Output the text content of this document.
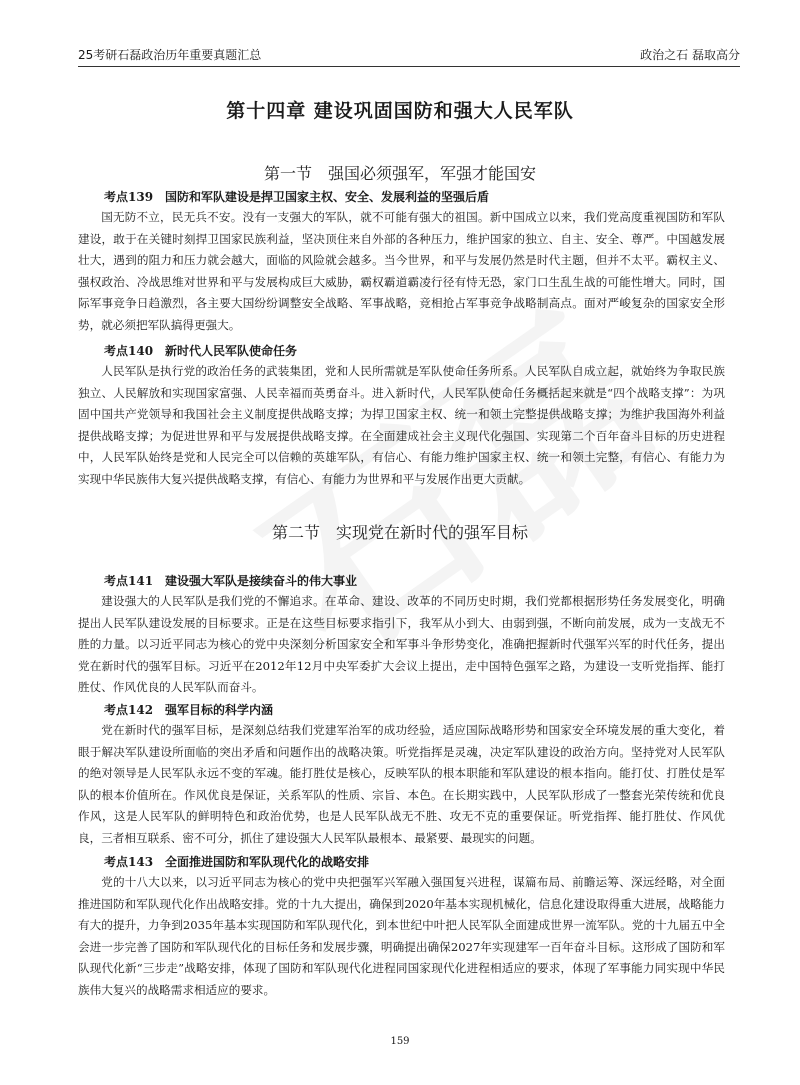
25考研石磊政治历年重要真题汇总	政治之石 磊取高分
第十四章 建设巩固国防和强大人民军队
第一节　强国必须强军，军强才能国安
考点139　国防和军队建设是捍卫国家主权、安全、发展利益的坚强后盾

国无防不立，民无兵不安。没有一支强大的军队，就不可能有强大的祖国。新中国成立以来，我们党高度重视国防和军队建设，敢于在关键时刻捍卫国家民族利益，坚决顶住来自外部的各种压力，维护国家的独立、自主、安全、尊严。中国越发展壮大，遇到的阻力和压力就会越大，面临的风险就会越多。当今世界，和平与发展仍然是时代主题，但并不太平。霸权主义、强权政治、冷战思维对世界和平与发展构成巨大威胁，霸权霸道霸凌行径有恃无恐，家门口生乱生战的可能性增大。同时，国际军事竞争日趋激烈，各主要大国纷纷调整安全战略、军事战略，竞相抢占军事竞争战略制高点。面对严峻复杂的国家安全形势，就必须把军队搞得更强大。

考点140　新时代人民军队使命任务

人民军队是执行党的政治任务的武装集团，党和人民所需就是军队使命任务所系。人民军队自成立起，就始终为争取民族独立、人民解放和实现国家富强、人民幸福而英勇奋斗。进入新时代，人民军队使命任务概括起来就是“四个战略支撑”：为巩固中国共产党领导和我国社会主义制度提供战略支撑；为捍卫国家主权、统一和领土完整提供战略支撑；为维护我国海外利益提供战略支撑；为促进世界和平与发展提供战略支撑。在全面建成社会主义现代化强国、实现第二个百年奋斗目标的历史进程中，人民军队始终是党和人民完全可以信赖的英雄军队，有信心、有能力维护国家主权、统一和领土完整，有信心、有能力为实现中华民族伟大复兴提供战略支撑，有信心、有能力为世界和平与发展作出更大贡献。

第二节　实现党在新时代的强军目标
考点141　建设强大军队是接续奋斗的伟大事业

建设强大的人民军队是我们党的不懈追求。在革命、建设、改革的不同历史时期，我们党都根据形势任务发展变化，明确提出人民军队建设发展的目标要求。正是在这些目标要求指引下，我军从小到大、由弱到强，不断向前发展，成为一支战无不胜的力量。以习近平同志为核心的党中央深刻分析国家安全和军事斗争形势变化，准确把握新时代强军兴军的时代任务，提出党在新时代的强军目标。习近平在2012年12月中央军委扩大会议上提出，走中国特色强军之路，为建设一支听党指挥、能打胜仗、作风优良的人民军队而奋斗。

考点142　强军目标的科学内涵

党在新时代的强军目标，是深刻总结我们党建军治军的成功经验，适应国际战略形势和国家安全环境发展的重大变化，着眼于解决军队建设所面临的突出矛盾和问题作出的战略决策。听党指挥是灵魂，决定军队建设的政治方向。坚持党对人民军队的绝对领导是人民军队永远不变的军魂。能打胜仗是核心，反映军队的根本职能和军队建设的根本指向。能打仗、打胜仗是军队的根本价值所在。作风优良是保证，关系军队的性质、宗旨、本色。在长期实践中，人民军队形成了一整套光荣传统和优良作风，这是人民军队的鲜明特色和政治优势，也是人民军队战无不胜、攻无不克的重要保证。听党指挥、能打胜仗、作风优良，三者相互联系、密不可分，抓住了建设强大人民军队最根本、最紧要、最现实的问题。

考点143　全面推进国防和军队现代化的战略安排

党的十八大以来，以习近平同志为核心的党中央把强军兴军融入强国复兴进程，谋篇布局、前瞻运筹、深远经略，对全面推进国防和军队现代化作出战略安排。党的十九大提出，确保到2020年基本实现机械化，信息化建设取得重大进展，战略能力有大的提升，力争到2035年基本实现国防和军队现代化，到本世纪中叶把人民军队全面建成世界一流军队。党的十九届五中全会进一步完善了国防和军队现代化的目标任务和发展步骤，明确提出确保2027年实现建军一百年奋斗目标。这形成了国防和军队现代化新“三步走”战略安排，体现了国防和军队现代化进程同国家现代化进程相适应的要求，体现了军事能力同实现中华民族伟大复兴的战略需求相适应的要求。

159
